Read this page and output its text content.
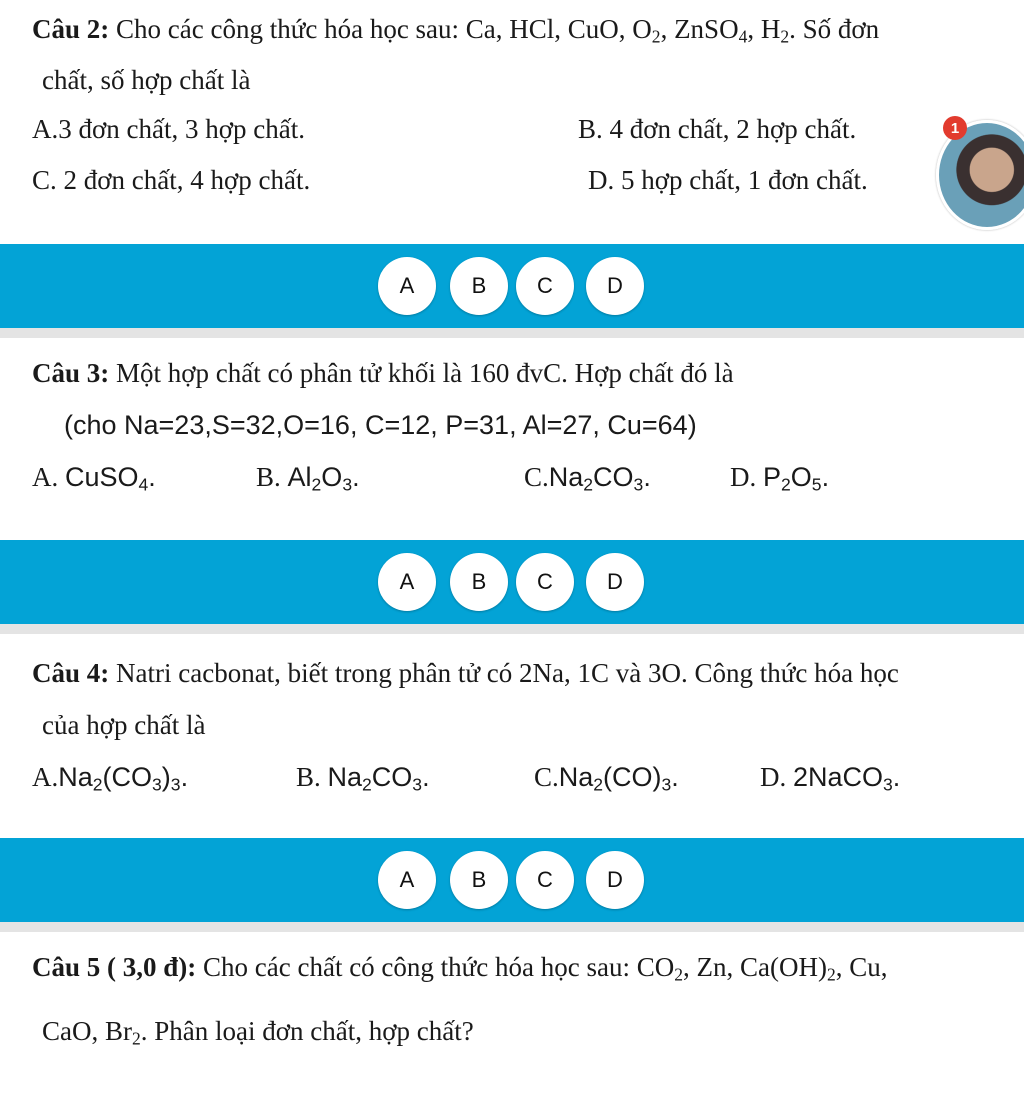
Câu 2: Cho các công thức hóa học sau: Ca, HCl, CuO, $O_2$, ZnSO$_4$, $H_2$. Số đơn
chất, số hợp chất là
A.3 đơn chất, 3 hợp chất.	B. 4 đơn chất, 2 hợp chất.
C. 2 đơn chất, 4 hợp chất.	D. 5 hợp chất, 1 đơn chất.
1
A	B	C	D
Câu 3: Một hợp chất có phân tử khối là 160 đvC. Hợp chất đó là
(cho Na=23,S=32,O=16, C=12, P=31, Al=27, Cu=64)
A. CuSO$_4$.	B. $Al_2O_3$.	$C.Na_2CO_3$.	D. $P_2O_5$.
A	B	C	D
Câu 4: Natri cacbonat, biết trong phân tử có 2Na, 1C và 3O. Công thức hóa học
của hợp chất là
$A.Na_2(CO_3)_3$.	B. $Na_2CO_3$.	$C.Na_2(CO)_3$.	D. 2NaCO$_3$.
A	B	C	D
Câu 5 ( 3,0 đ): Cho các chất có công thức hóa học sau: $CO_2$, Zn, $Ca(OH)_2$, Cu,
CaO, $Br_2$. Phân loại đơn chất, hợp chất?
